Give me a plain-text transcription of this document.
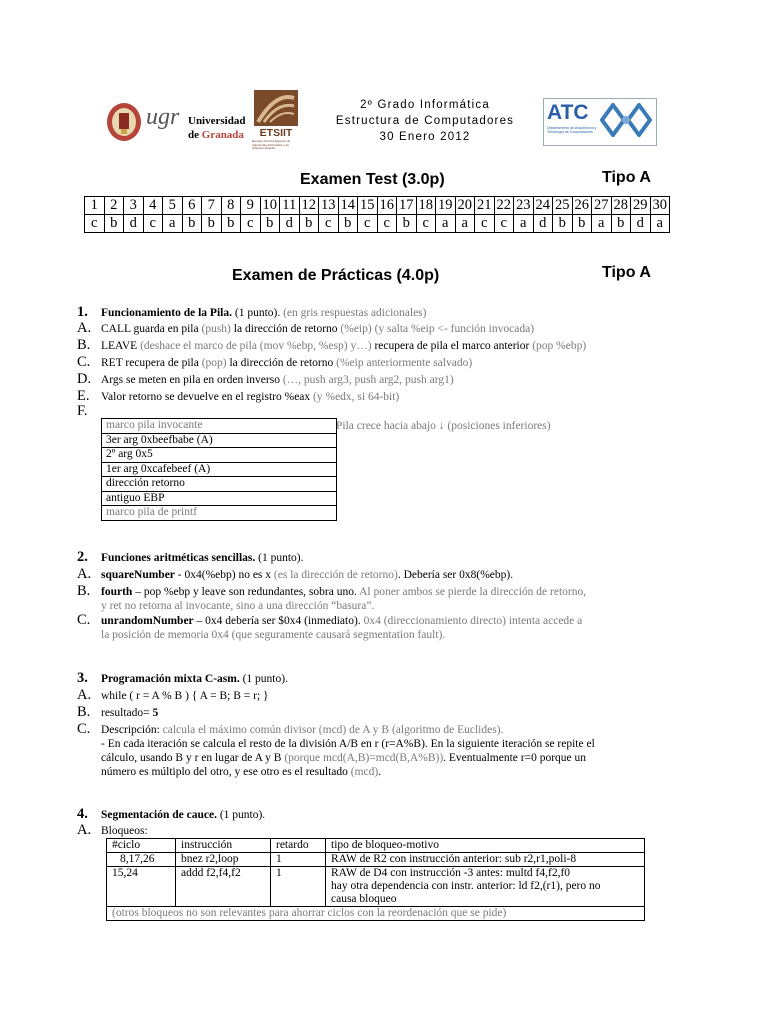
ugr Universidad
de Granada	ETSIIT
Escuela Técnica Superior de Ingenierías Informática y de Telecomunicación
2º Grado Informática
Estructura de Computadores
30 Enero 2012
ATC
Departamento de Arquitectura y Tecnología de Computadores
Examen Test (3.0p)	Tipo A
1	2	3	4	5	6	7	8	9	10	11	12	13	14	15	16	17	18	19	20	21	22	23	24	25	26	27	28	29	30
c	b	d	c	a	b	b	b	c	b	d	b	c	b	c	c	b	c	a	a	c	c	a	d	b	b	a	b	d	a
Examen de Prácticas (4.0p)	Tipo A
1. Funcionamiento de la Pila. (1 punto). (en gris respuestas adicionales)
A. CALL guarda en pila (push) la dirección de retorno (%eip) (y salta %eip <- función invocada)
B. LEAVE (deshace el marco de pila (mov %ebp, %esp) y…) recupera de pila el marco anterior (pop %ebp)
C. RET recupera de pila (pop) la dirección de retorno (%eip anteriormente salvado)
D. Args se meten en pila en orden inverso (…, push arg3, push arg2, push arg1)
E. Valor retorno se devuelve en el registro %eax (y %edx, si 64-bit)
F.
marco pila invocante
3er arg 0xbeefbabe (A)
2º arg 0x5
1er arg 0xcafebeef (A)
dirección retorno
antiguo EBP
marco pila de printf
Pila crece hacia abajo ↓ (posiciones inferiores)
2. Funciones aritméticas sencillas. (1 punto).
A. squareNumber - 0x4(%ebp) no es x (es la dirección de retorno). Debería ser 0x8(%ebp).
B. fourth – pop %ebp y leave son redundantes, sobra uno. Al poner ambos se pierde la dirección de retorno,
y ret no retorna al invocante, sino a una dirección “basura”.
C. unrandomNumber – 0x4 debería ser $0x4 (inmediato). 0x4 (direccionamiento directo) intenta accede a
la posición de memoria 0x4 (que seguramente causará segmentation fault).
3. Programación mixta C-asm. (1 punto).
A. while ( r = A % B ) { A = B; B = r; }
B. resultado= 5
C. Descripción: calcula el máximo común divisor (mcd) de A y B (algoritmo de Euclides).
- En cada iteración se calcula el resto de la división A/B en r (r=A%B). En la siguiente iteración se repite el
cálculo, usando B y r en lugar de A y B (porque mcd(A,B)=mcd(B,A%B)). Eventualmente r=0 porque un
número es múltiplo del otro, y ese otro es el resultado (mcd).
4. Segmentación de cauce. (1 punto).
A. Bloqueos:
#ciclo	instrucción	retardo	tipo de bloqueo-motivo
8,17,26	bnez r2,loop	1	RAW de R2 con instrucción anterior: sub r2,r1,poli-8
15,24	addd f2,f4,f2	1	RAW de D4 con instrucción -3 antes: multd f4,f2,f0
hay otra dependencia con instr. anterior: ld f2,(r1), pero no
causa bloqueo

(otros bloqueos no son relevantes para ahorrar ciclos con la reordenación que se pide)			
